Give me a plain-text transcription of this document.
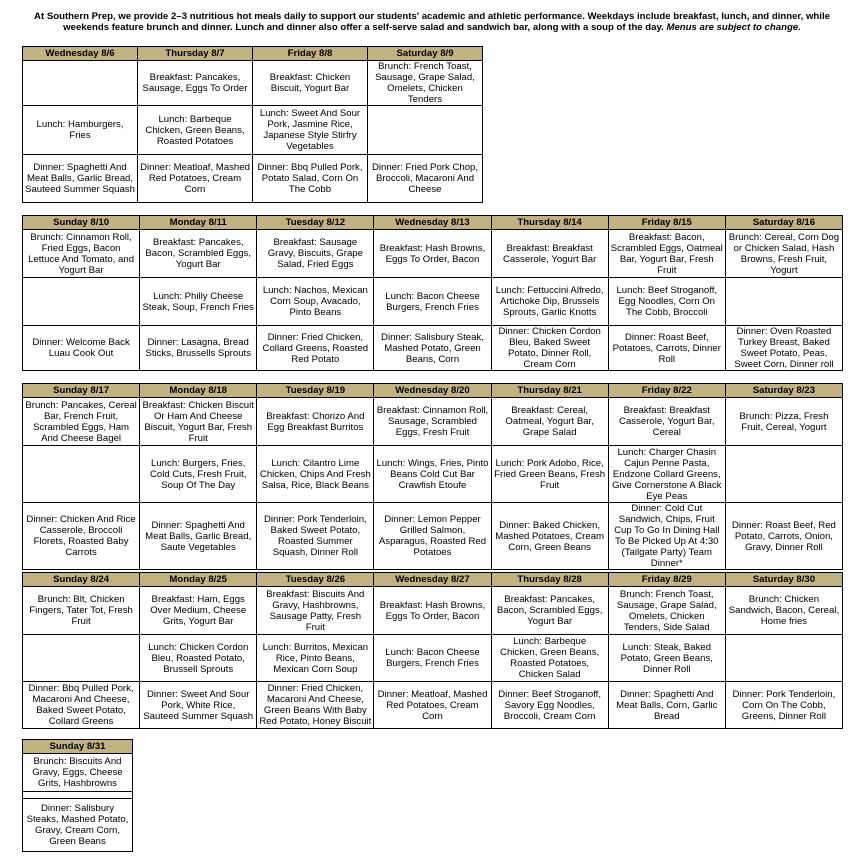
At Southern Prep, we provide 2–3 nutritious hot meals daily to support our students' academic and athletic performance. Weekdays include breakfast, lunch, and dinner, while weekends feature brunch and dinner. Lunch and dinner also offer a self-serve salad and sandwich bar, along with a soup of the day. Menus are subject to change.
Wednesday 8/6	Thursday 8/7	Friday 8/8	Saturday 8/9
	Breakfast: Pancakes, Sausage, Eggs To Order	Breakfast: Chicken Biscuit, Yogurt Bar	Brunch: French Toast, Sausage, Grape Salad, Omelets, Chicken Tenders
Lunch: Hamburgers, Fries	Lunch: Barbeque Chicken, Green Beans, Roasted Potatoes	Lunch: Sweet And Sour Pork, Jasmine Rice, Japanese Style Stirfry Vegetables	
Dinner: Spaghetti And Meat Balls, Garlic Bread, Sauteed Summer Squash	Dinner: Meatloaf, Mashed Red Potatoes, Cream Corn	Dinner: Bbq Pulled Pork, Potato Salad, Corn On The Cobb	Dinner: Fried Pork Chop, Broccoli, Macaroni And Cheese
Sunday 8/10	Monday 8/11	Tuesday 8/12	Wednesday 8/13	Thursday 8/14	Friday 8/15	Saturday 8/16
Brunch: Cinnamon Roll, Fried Eggs, Bacon Lettuce And Tomato, and Yogurt Bar	Breakfast: Pancakes, Bacon, Scrambled Eggs, Yogurt Bar	Breakfast: Sausage Gravy, Biscuits, Grape Salad, Fried Eggs	Breakfast: Hash Browns, Eggs To Order, Bacon	Breakfast: Breakfast Casserole, Yogurt Bar	Breakfast: Bacon, Scrambled Eggs, Oatmeal Bar, Yogurt Bar, Fresh Fruit	Brunch: Cereal, Corn Dog or Chicken Salad, Hash Browns, Fresh Fruit, Yogurt
	Lunch: Philly Cheese Steak, Soup, French Fries	Lunch: Nachos, Mexican Corn Soup, Avacado, Pinto Beans	Lunch: Bacon Cheese Burgers, French Fries	Lunch: Fettuccini Alfredo, Artichoke Dip, Brussels Sprouts, Garlic Knotts	Lunch: Beef Stroganoff, Egg Noodles, Corn On The Cobb, Broccoli	
Dinner: Welcome Back Luau Cook Out	Dinner: Lasagna, Bread Sticks, Brussells Sprouts	Dinner: Fried Chicken, Collard Greens, Roasted Red Potato	Dinner: Salisbury Steak, Mashed Potato, Green Beans, Corn	Dinner: Chicken Cordon Bleu, Baked Sweet Potato, Dinner Roll, Cream Corn	Dinner: Roast Beef, Potatoes, Carrots, Dinner Roll	Dinner: Oven Roasted Turkey Breast, Baked Sweet Potato, Peas, Sweet Corn, Dinner roll
Sunday 8/17	Monday 8/18	Tuesday 8/19	Wednesday 8/20	Thursday 8/21	Friday 8/22	Saturday 8/23
Brunch: Pancakes, Cereal Bar, French Fruit, Scrambled Eggs, Ham And Cheese Bagel	Breakfast: Chicken Biscuit Or Ham And Cheese Biscuit, Yogurt Bar, Fresh Fruit	Breakfast: Chorizo And Egg Breakfast Burritos	Breakfast: Cinnamon Roll, Sausage, Scrambled Eggs, Fresh Fruit	Breakfast: Cereal, Oatmeal, Yogurt Bar, Grape Salad	Breakfast: Breakfast Casserole, Yogurt Bar, Cereal	Brunch: Pizza, Fresh Fruit, Cereal, Yogurt
	Lunch: Burgers, Fries, Cold Cuts, Fresh Fruit, Soup Of The Day	Lunch: Cilantro Lime Chicken, Chips And Fresh Salsa, Rice, Black Beans	Lunch: Wings, Fries, Pinto Beans Cold Cut Bar Crawfish Etoufe	Lunch: Pork Adobo, Rice, Fried Green Beans, Fresh Fruit	Lunch: Charger Chasin Cajun Penne Pasta, Endzone Collard Greens, Give Cornerstone A Black Eye Peas	
Dinner: Chicken And Rice Casserole, Broccoli Florets, Roasted Baby Carrots	Dinner: Spaghetti And Meat Balls, Garlic Bread, Saute Vegetables	Dinner: Pork Tenderloin, Baked Sweet Potato, Roasted Summer Squash, Dinner Roll	Dinner: Lemon Pepper Grilled Salmon, Asparagus, Roasted Red Potatoes	Dinner: Baked Chicken, Mashed Potatoes, Cream Corn, Green Beans	Dinner: Cold Cut Sandwich, Chips, Fruit Cup To Go In Dining Hall To Be Picked Up At 4:30 (Tailgate Party) Team Dinner*	Dinner: Roast Beef, Red Potato, Carrots, Onion, Gravy, Dinner Roll
Sunday 8/24	Monday 8/25	Tuesday 8/26	Wednesday 8/27	Thursday 8/28	Friday 8/29	Saturday 8/30
Brunch: Blt, Chicken Fingers, Tater Tot, Fresh Fruit	Breakfast: Ham, Eggs Over Medium, Cheese Grits, Yogurt Bar	Breakfast: Biscuits And Gravy, Hashbrowns, Sausage Patty, Fresh Fruit	Breakfast: Hash Browns, Eggs To Order, Bacon	Breakfast: Pancakes, Bacon, Scrambled Eggs, Yogurt Bar	Brunch: French Toast, Sausage, Grape Salad, Omelets, Chicken Tenders, Side Salad	Brunch: Chicken Sandwich, Bacon, Cereal, Home fries
	Lunch: Chicken Cordon Bleu, Roasted Potato, Brussell Sprouts	Lunch: Burritos, Mexican Rice, Pinto Beans, Mexican Corn Soup	Lunch: Bacon Cheese Burgers, French Fries	Lunch: Barbeque Chicken, Green Beans, Roasted Potatoes, Chicken Salad	Lunch: Steak, Baked Potato, Green Beans, Dinner Roll	
Dinner: Bbq Pulled Pork, Macaroni And Cheese, Baked Sweet Potato, Collard Greens	Dinner: Sweet And Sour Pork, White Rice, Sauteed Summer Squash	Dinner: Fried Chicken, Macaroni And Cheese, Green Beans With Baby Red Potato, Honey Biscuit	Dinner: Meatloaf, Mashed Red Potatoes, Cream Corn	Dinner: Beef Stroganoff, Savory Egg Noodles, Broccoli, Cream Corn	Dinner: Spaghetti And Meat Balls, Corn, Garlic Bread	Dinner: Pork Tenderloin, Corn On The Cobb, Greens, Dinner Roll
Sunday 8/31
Brunch: Biscuits And Gravy, Eggs, Cheese Grits, Hashbrowns

Dinner: Salisbury Steaks, Mashed Potato, Gravy, Cream Corn, Green Beans
